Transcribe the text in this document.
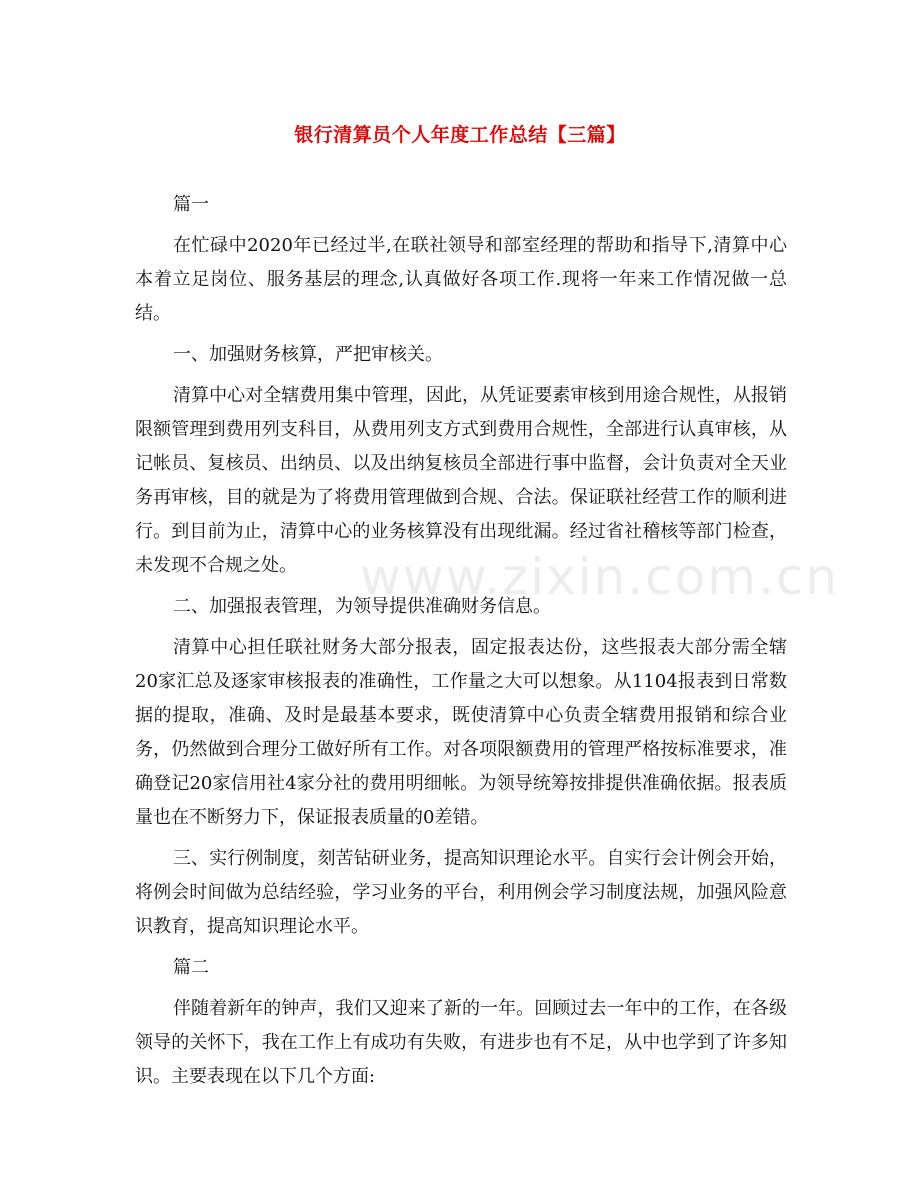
www.zixin.com.cn
银行清算员个人年度工作总结【三篇】

篇一

在忙碌中2020年已经过半,在联社领导和部室经理的帮助和指导下,清算中心本着立足岗位、服务基层的理念,认真做好各项工作.现将一年来工作情况做一总结。

一、加强财务核算，严把审核关。

清算中心对全辖费用集中管理，因此，从凭证要素审核到用途合规性，从报销限额管理到费用列支科目，从费用列支方式到费用合规性，全部进行认真审核，从记帐员、复核员、出纳员、以及出纳复核员全部进行事中监督，会计负责对全天业务再审核，目的就是为了将费用管理做到合规、合法。保证联社经营工作的顺利进行。到目前为止，清算中心的业务核算没有出现纰漏。经过省社稽核等部门检查，未发现不合规之处。

二、加强报表管理，为领导提供准确财务信息。

清算中心担任联社财务大部分报表，固定报表达份，这些报表大部分需全辖20家汇总及逐家审核报表的准确性，工作量之大可以想象。从1104报表到日常数据的提取，准确、及时是最基本要求，既使清算中心负责全辖费用报销和综合业务，仍然做到合理分工做好所有工作。对各项限额费用的管理严格按标准要求，准确登记20家信用社4家分社的费用明细帐。为领导统筹按排提供准确依据。报表质量也在不断努力下，保证报表质量的0差错。

三、实行例制度，刻苦钻研业务，提高知识理论水平。自实行会计例会开始，将例会时间做为总结经验，学习业务的平台，利用例会学习制度法规，加强风险意识教育，提高知识理论水平。

篇二

伴随着新年的钟声，我们又迎来了新的一年。回顾过去一年中的工作，在各级领导的关怀下，我在工作上有成功有失败，有进步也有不足，从中也学到了许多知识。主要表现在以下几个方面:
